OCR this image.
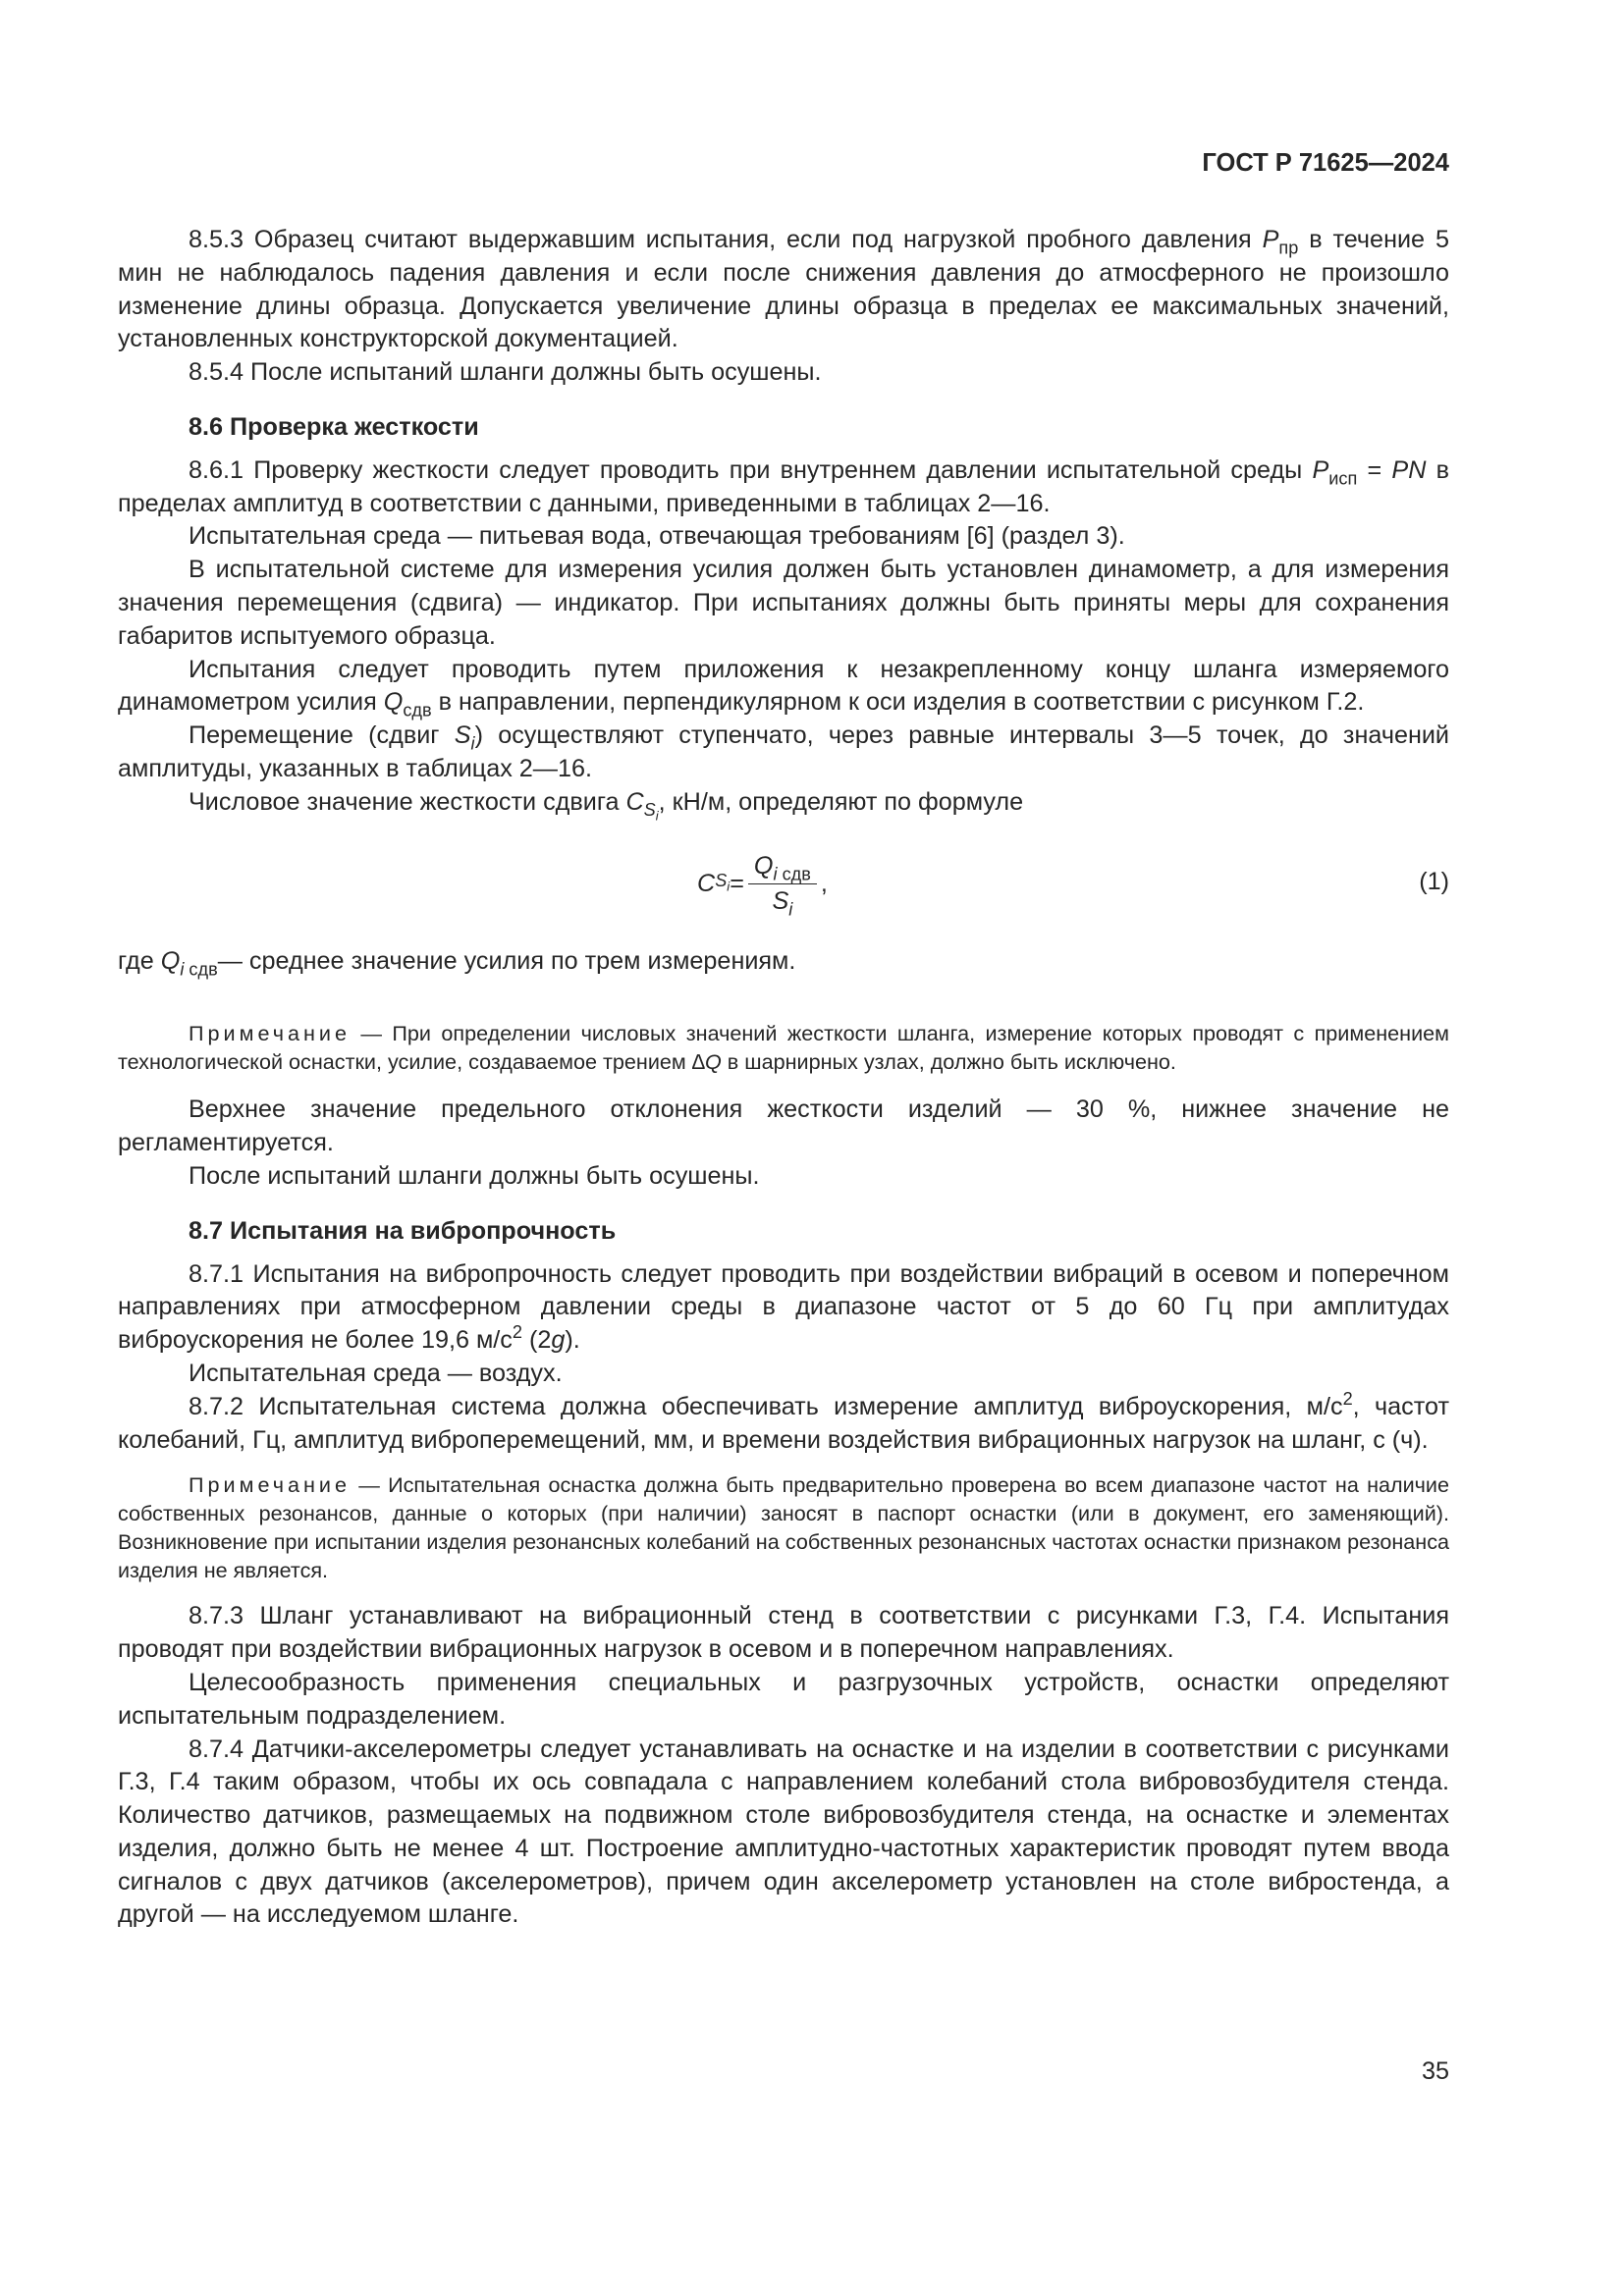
ГОСТ Р 71625—2024

8.5.3 Образец считают выдержавшим испытания, если под нагрузкой пробного давления $P_{пр}$ в течение 5 мин не наблюдалось падения давления и если после снижения давления до атмосферного не произошло изменение длины образца. Допускается увеличение длины образца в пределах ее максимальных значений, установленных конструкторской документацией.

8.5.4 После испытаний шланги должны быть осушены.

8.6 Проверка жесткости

8.6.1 Проверку жесткости следует проводить при внутреннем давлении испытательной среды $P_{исп}$ = PN в пределах амплитуд в соответствии с данными, приведенными в таблицах 2—16.

Испытательная среда — питьевая вода, отвечающая требованиям [6] (раздел 3).

В испытательной системе для измерения усилия должен быть установлен динамометр, а для измерения значения перемещения (сдвига) — индикатор. При испытаниях должны быть приняты меры для сохранения габаритов испытуемого образца.

Испытания следует проводить путем приложения к незакрепленному концу шланга измеряемого динамометром усилия $Q_{сдв}$ в направлении, перпендикулярном к оси изделия в соответствии с рисунком Г.2.

Перемещение (сдвиг $S_i$) осуществляют ступенчато, через равные интервалы 3—5 точек, до значений амплитуды, указанных в таблицах 2—16.

Числовое значение жесткости сдвига $C_{S_i}$, кН/м, определяют по формуле

C $S_i = \frac{Q_{i сдв}}{S_i}$ ,	(1)

где $Q_{i сдв}—$ среднее значение усилия по трем измерениям.

Примечание — При определении числовых значений жесткости шланга, измерение которых проводят с применением технологической оснастки, усилие, создаваемое трением ∆Q в шарнирных узлах, должно быть исключено.

Верхнее значение предельного отклонения жесткости изделий — 30 %, нижнее значение не регламентируется.

После испытаний шланги должны быть осушены.

8.7 Испытания на вибропрочность

8.7.1 Испытания на вибропрочность следует проводить при воздействии вибраций в осевом и поперечном направлениях при атмосферном давлении среды в диапазоне частот от 5 до 60 Гц при амплитудах виброускорения не более 19,6 $м/с^2$ (2g).

Испытательная среда — воздух.

8.7.2 Испытательная система должна обеспечивать измерение амплитуд виброускорения, $м/с^2$, частот колебаний, Гц, амплитуд виброперемещений, мм, и времени воздействия вибрационных нагрузок на шланг, с (ч).

Примечание — Испытательная оснастка должна быть предварительно проверена во всем диапазоне частот на наличие собственных резонансов, данные о которых (при наличии) заносят в паспорт оснастки (или в документ, его заменяющий). Возникновение при испытании изделия резонансных колебаний на собственных резонансных частотах оснастки признаком резонанса изделия не является.

8.7.3 Шланг устанавливают на вибрационный стенд в соответствии с рисунками Г.3, Г.4. Испытания проводят при воздействии вибрационных нагрузок в осевом и в поперечном направлениях.

Целесообразность применения специальных и разгрузочных устройств, оснастки определяют испытательным подразделением.

8.7.4 Датчики-акселерометры следует устанавливать на оснастке и на изделии в соответствии с рисунками Г.3, Г.4 таким образом, чтобы их ось совпадала с направлением колебаний стола вибровозбудителя стенда. Количество датчиков, размещаемых на подвижном столе вибровозбудителя стенда, на оснастке и элементах изделия, должно быть не менее 4 шт. Построение амплитудно-частотных характеристик проводят путем ввода сигналов с двух датчиков (акселерометров), причем один акселерометр установлен на столе вибростенда, а другой — на исследуемом шланге.

35
